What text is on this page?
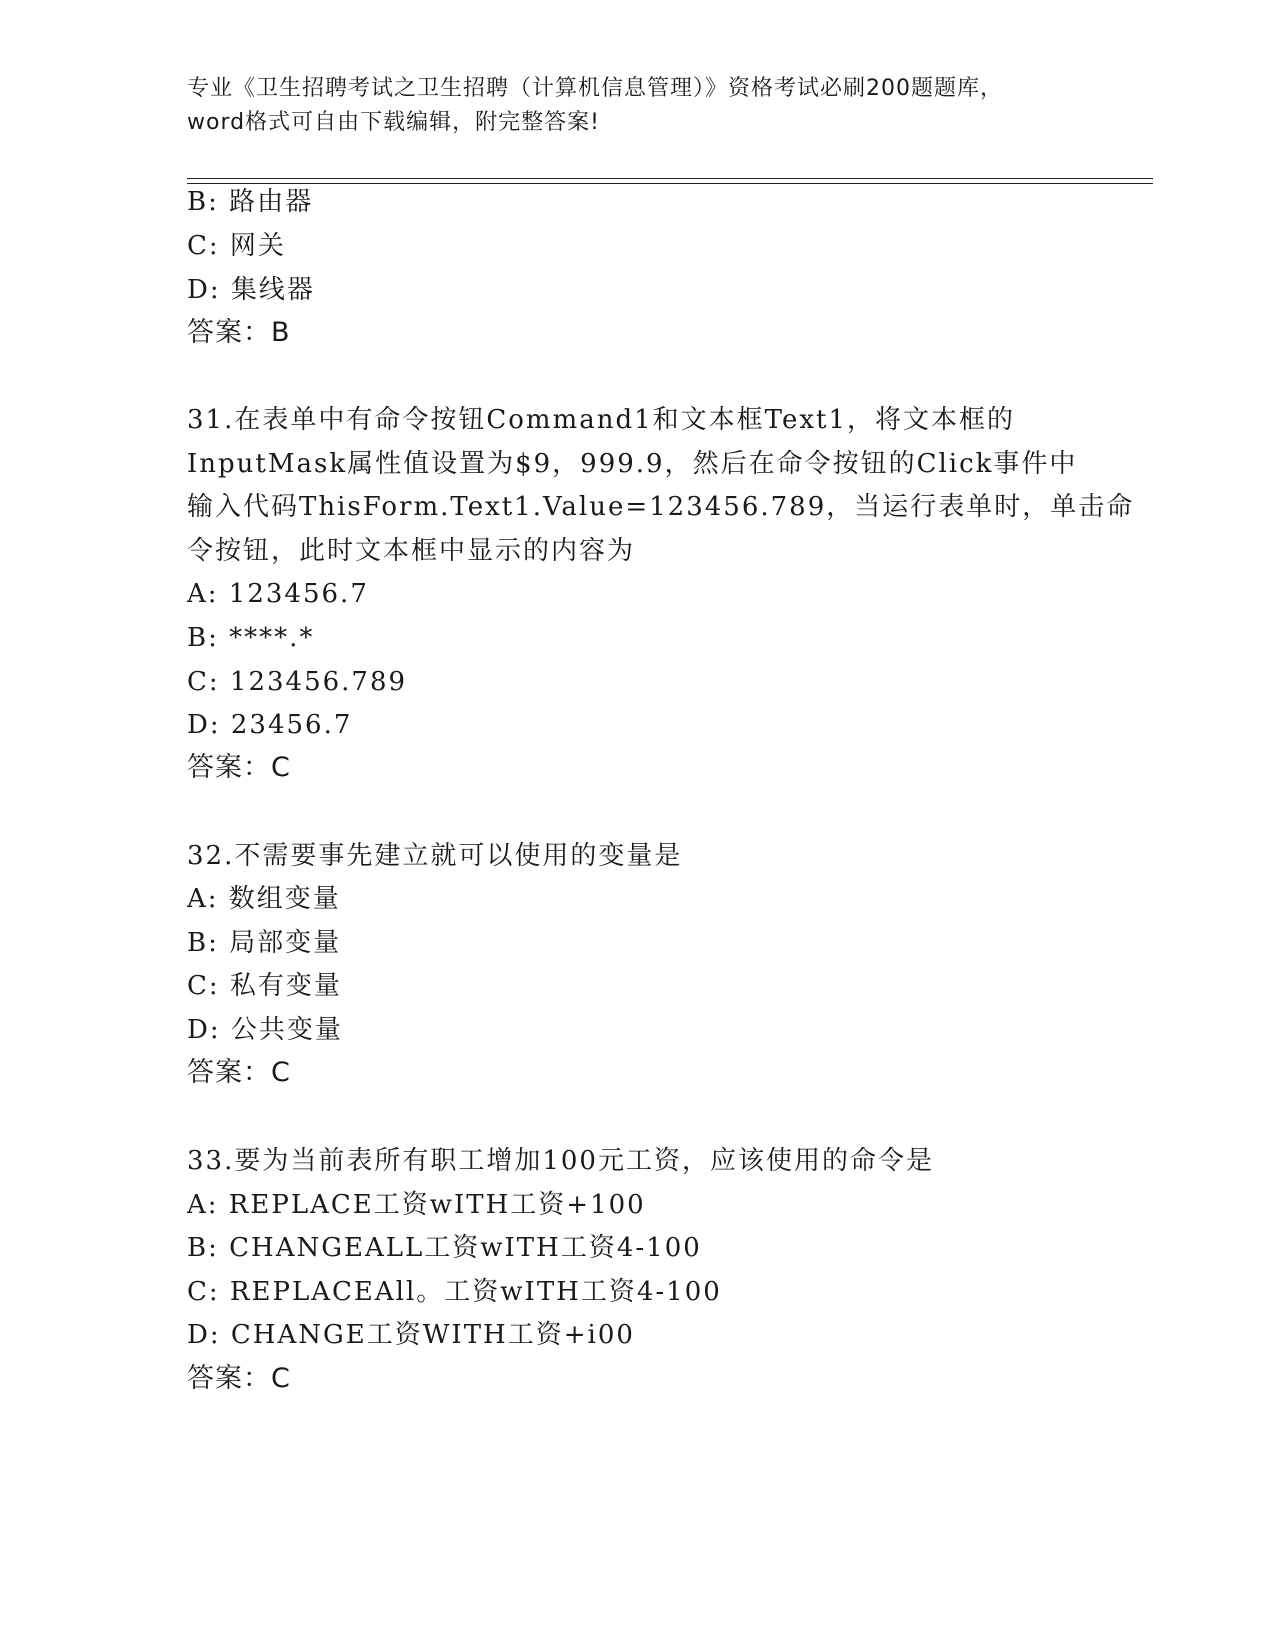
专业《卫生招聘考试之卫生招聘（计算机信息管理）》资格考试必刷200题题库，
word格式可自由下载编辑，附完整答案!
B: 路由器
C: 网关
D: 集线器
答案：B
31.在表单中有命令按钮Command1和文本框Text1，将文本框的
InputMask属性值设置为$9，999.9，然后在命令按钮的Click事件中
输入代码ThisForm.Text1.Value=123456.789，当运行表单时，单击命
令按钮，此时文本框中显示的内容为
A: 123456.7
B: ****.*
C: 123456.789
D: 23456.7
答案：C
32.不需要事先建立就可以使用的变量是
A: 数组变量
B: 局部变量
C: 私有变量
D: 公共变量
答案：C
33.要为当前表所有职工增加100元工资，应该使用的命令是
A: REPLACE工资wITH工资+100
B: CHANGEALL工资wITH工资4-100
C: REPLACEAll。工资wITH工资4-100
D: CHANGE工资WITH工资+i00
答案：C
